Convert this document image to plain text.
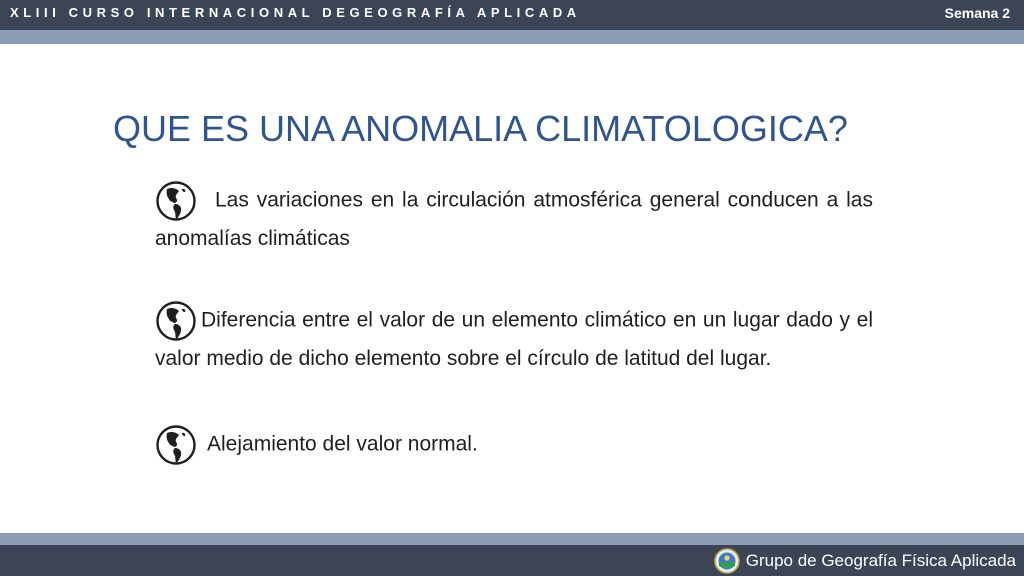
XLIII CURSO INTERNACIONAL DEGEOGRAFÍA APLICADA	Semana 2
QUE ES UNA ANOMALIA CLIMATOLOGICA?
Las variaciones en la circulación atmosférica general conducen a las anomalías climáticas
Diferencia entre el valor de un elemento climático en un lugar dado y el valor medio de dicho elemento sobre el círculo de latitud del lugar.
Alejamiento del valor normal.
Grupo de Geografía Física Aplicada
